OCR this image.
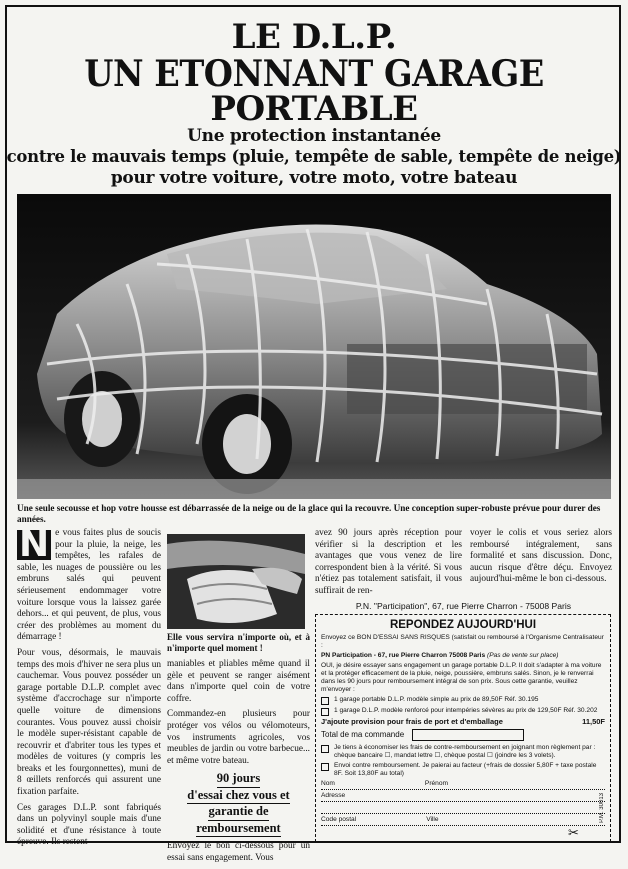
LE D.L.P.
UN ETONNANT GARAGE
PORTABLE
Une protection instantanée
contre le mauvais temps (pluie, tempête de sable, tempête de neige)
pour votre voiture, votre moto, votre bateau
Une seule secousse et hop votre housse est débarrassée de la neige ou de la glace qui la recouvre. Une conception super-robuste prévue pour durer des années.

N e vous faites plus de soucis pour la pluie, la neige, les tempêtes, les rafales de sable, les nuages de poussière ou les embruns salés qui peuvent sérieusement endommager votre voiture lorsque vous la laissez garée dehors... et qui peuvent, de plus, vous créer des problèmes au moment du démarrage !

Pour vous, désormais, le mauvais temps des mois d'hiver ne sera plus un cauchemar. Vous pouvez posséder un garage portable D.L.P. complet avec système d'accrochage sur n'importe quelle voiture de dimensions courantes. Vous pouvez aussi choisir le modèle super-résistant capable de recouvrir et d'abriter tous les types et modèles de voitures (y compris les breaks et les fourgonnettes), muni de 8 œillets renforcés qui assurent une fixation parfaite.

Ces garages D.L.P. sont fabriqués dans un polyvinyl souple mais d'une solidité et d'une résistance à toute épreuve. Ils restent

Elle vous servira n'importe où, et à n'importe quel moment !

maniables et pliables même quand il gèle et peuvent se ranger aisément dans n'importe quel coin de votre coffre.

Commandez-en plusieurs pour protéger vos vélos ou vélomoteurs, vos instruments agricoles, vos meubles de jardin ou votre barbecue... et même votre bateau.

90 jours
d'essai chez vous et
garantie de
remboursement

Envoyez le bon ci-dessous pour un essai sans engagement. Vous

avez 90 jours après réception pour vérifier si la description et les avantages que vous venez de lire correspondent bien à la vérité. Si vous n'étiez pas totalement satisfait, il vous suffirait de ren-

voyer le colis et vous seriez alors remboursé intégralement, sans formalité et sans discussion. Donc, aucun risque d'être déçu. Envoyez aujourd'hui-même le bon ci-dessous.

P.N. "Participation", 67, rue Pierre Charron - 75008 Paris
REPONDEZ AUJOURD'HUI

Envoyez ce BON D'ESSAI SANS RISQUES (satisfait ou remboursé à l'Organisme Centralisateur :

PN Participation - 67, rue Pierre Charron 75008 Paris (Pas de vente sur place)

OUI, je désire essayer sans engagement un garage portable D.L.P. Il doit s'adapter à ma voiture et la protéger efficacement de la pluie, neige, poussière, embruns salés. Sinon, je le renverrai dans les 90 jours pour remboursement intégral de son prix. Sous cette garantie, veuillez m'envoyer :

1 garage portable D.L.P. modèle simple au prix de 89,50F Réf. 30.195
1 garage D.L.P. modèle renforcé pour intempéries sévères au prix de 129,50F Réf. 30.202
J'ajoute provision pour frais de port et d'emballage	11,50F
Total de ma commande
Je tiens à économiser les frais de contre-remboursement en joignant mon règlement par : chèque bancaire ☐, mandat lettre ☐, chèque postal ☐ (joindre les 3 volets).
Envoi contre remboursement. Je paierai au facteur (+frais de dossier 5,80F + taxe postale 8F. Soit 13,80F au total)
Nom	Prénom
Adresse
Code postal	Ville	P.M. 30013
✂
